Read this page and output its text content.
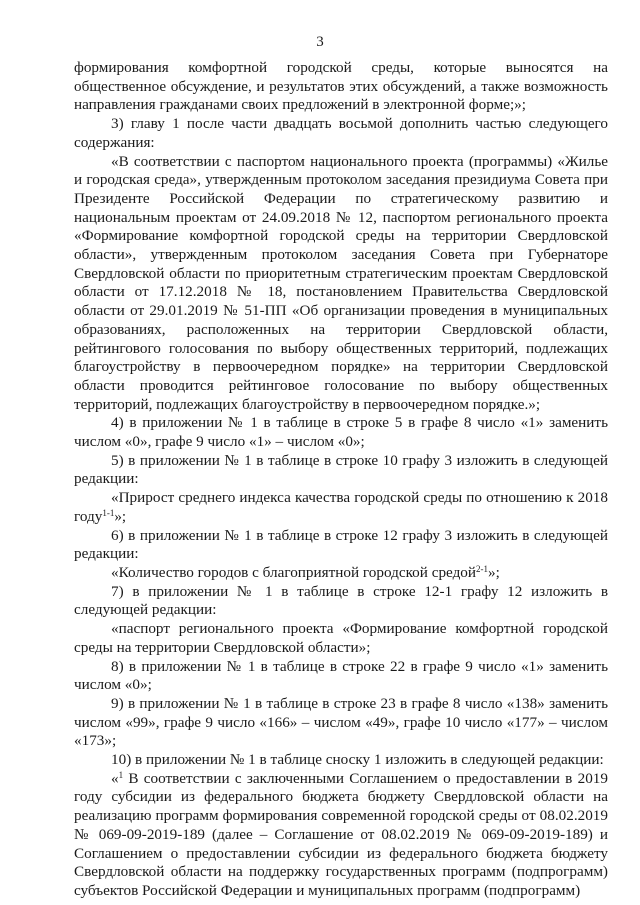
3

формирования комфортной городской среды, которые выносятся на общественное обсуждение, и результатов этих обсуждений, а также возможность направления гражданами своих предложений в электронной форме;»;

3) главу 1 после части двадцать восьмой дополнить частью следующего содержания:

«В соответствии с паспортом национального проекта (программы) «Жилье и городская среда», утвержденным протоколом заседания президиума Совета при Президенте Российской Федерации по стратегическому развитию и национальным проектам от 24.09.2018 № 12, паспортом регионального проекта «Формирование комфортной городской среды на территории Свердловской области», утвержденным протоколом заседания Совета при Губернаторе Свердловской области по приоритетным стратегическим проектам Свердловской области от 17.12.2018 № 18, постановлением Правительства Свердловской области от 29.01.2019 № 51-ПП «Об организации проведения в муниципальных образованиях, расположенных на территории Свердловской области, рейтингового голосования по выбору общественных территорий, подлежащих благоустройству в первоочередном порядке» на территории Свердловской области проводится рейтинговое голосование по выбору общественных территорий, подлежащих благоустройству в первоочередном порядке.»;

4) в приложении № 1 в таблице в строке 5 в графе 8 число «1» заменить числом «0», графе 9 число «1» – числом «0»;

5) в приложении № 1 в таблице в строке 10 графу 3 изложить в следующей редакции:

«Прирост среднего индекса качества городской среды по отношению к 2018 году$^{1-1}$»;

6) в приложении № 1 в таблице в строке 12 графу 3 изложить в следующей редакции:

«Количество городов с благоприятной городской средой$^{2-1}$»;

7) в приложении № 1 в таблице в строке 12-1 графу 12 изложить в следующей редакции:

«паспорт регионального проекта «Формирование комфортной городской среды на территории Свердловской области»;

8) в приложении № 1 в таблице в строке 22 в графе 9 число «1» заменить числом «0»;

9) в приложении № 1 в таблице в строке 23 в графе 8 число «138» заменить числом «99», графе 9 число «166» – числом «49», графе 10 число «177» – числом «173»;

10) в приложении № 1 в таблице сноску 1 изложить в следующей редакции:

«$^1$ В соответствии с заключенными Соглашением о предоставлении в 2019 году субсидии из федерального бюджета бюджету Свердловской области на реализацию программ формирования современной городской среды от 08.02.2019 № 069-09-2019-189 (далее – Соглашение от 08.02.2019 № 069-09-2019-189) и Соглашением о предоставлении субсидии из федерального бюджета бюджету Свердловской области на поддержку государственных программ (подпрограмм) субъектов Российской Федерации и муниципальных программ (подпрограмм)
